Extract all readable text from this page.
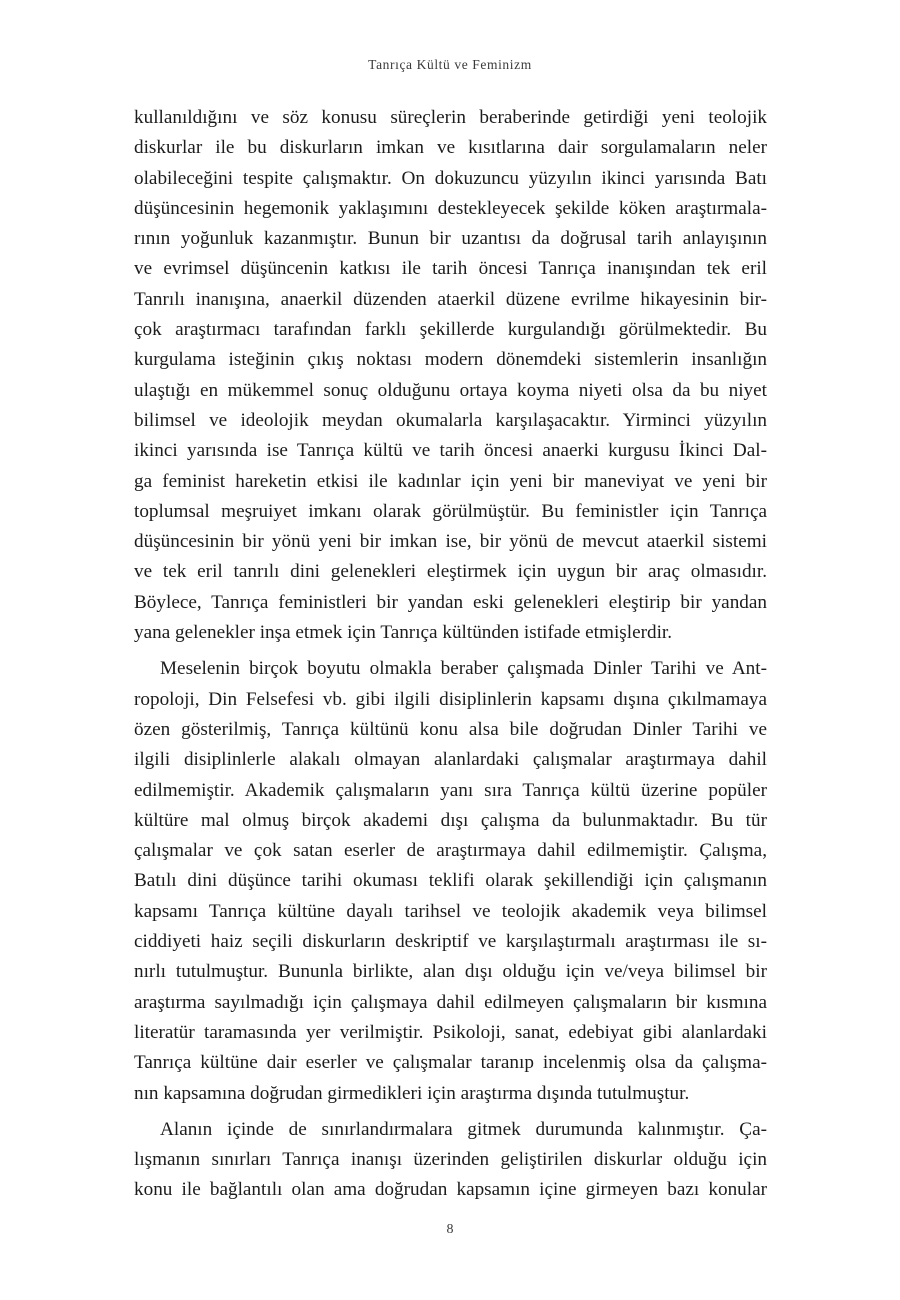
Tanrıça Kültü ve Feminizm
kullanıldığını ve söz konusu süreçlerin beraberinde getirdiği yeni teolojik
diskurlar ile bu diskurların imkan ve kısıtlarına dair sorgulamaların neler
olabileceğini tespite çalışmaktır. On dokuzuncu yüzyılın ikinci yarısında Batı
düşüncesinin hegemonik yaklaşımını destekleyecek şekilde köken araştırmala-
rının yoğunluk kazanmıştır. Bunun bir uzantısı da doğrusal tarih anlayışının
ve evrimsel düşüncenin katkısı ile tarih öncesi Tanrıça inanışından tek eril
Tanrılı inanışına, anaerkil düzenden ataerkil düzene evrilme hikayesinin bir-
çok araştırmacı tarafından farklı şekillerde kurgulandığı görülmektedir. Bu
kurgulama isteğinin çıkış noktası modern dönemdeki sistemlerin insanlığın
ulaştığı en mükemmel sonuç olduğunu ortaya koyma niyeti olsa da bu niyet
bilimsel ve ideolojik meydan okumalarla karşılaşacaktır. Yirminci yüzyılın
ikinci yarısında ise Tanrıça kültü ve tarih öncesi anaerki kurgusu İkinci Dal-
ga feminist hareketin etkisi ile kadınlar için yeni bir maneviyat ve yeni bir
toplumsal meşruiyet imkanı olarak görülmüştür. Bu feministler için Tanrıça
düşüncesinin bir yönü yeni bir imkan ise, bir yönü de mevcut ataerkil sistemi
ve tek eril tanrılı dini gelenekleri eleştirmek için uygun bir araç olmasıdır.
Böylece, Tanrıça feministleri bir yandan eski gelenekleri eleştirip bir yandan
yana gelenekler inşa etmek için Tanrıça kültünden istifade etmişlerdir.
Meselenin birçok boyutu olmakla beraber çalışmada Dinler Tarihi ve Ant-
ropoloji, Din Felsefesi vb. gibi ilgili disiplinlerin kapsamı dışına çıkılmamaya
özen gösterilmiş, Tanrıça kültünü konu alsa bile doğrudan Dinler Tarihi ve
ilgili disiplinlerle alakalı olmayan alanlardaki çalışmalar araştırmaya dahil
edilmemiştir. Akademik çalışmaların yanı sıra Tanrıça kültü üzerine popüler
kültüre mal olmuş birçok akademi dışı çalışma da bulunmaktadır. Bu tür
çalışmalar ve çok satan eserler de araştırmaya dahil edilmemiştir. Çalışma,
Batılı dini düşünce tarihi okuması teklifi olarak şekillendiği için çalışmanın
kapsamı Tanrıça kültüne dayalı tarihsel ve teolojik akademik veya bilimsel
ciddiyeti haiz seçili diskurların deskriptif ve karşılaştırmalı araştırması ile sı-
nırlı tutulmuştur. Bununla birlikte, alan dışı olduğu için ve/veya bilimsel bir
araştırma sayılmadığı için çalışmaya dahil edilmeyen çalışmaların bir kısmına
literatür taramasında yer verilmiştir. Psikoloji, sanat, edebiyat gibi alanlardaki
Tanrıça kültüne dair eserler ve çalışmalar taranıp incelenmiş olsa da çalışma-
nın kapsamına doğrudan girmedikleri için araştırma dışında tutulmuştur.
Alanın içinde de sınırlandırmalara gitmek durumunda kalınmıştır. Ça-
lışmanın sınırları Tanrıça inanışı üzerinden geliştirilen diskurlar olduğu için
konu ile bağlantılı olan ama doğrudan kapsamın içine girmeyen bazı konular
8
